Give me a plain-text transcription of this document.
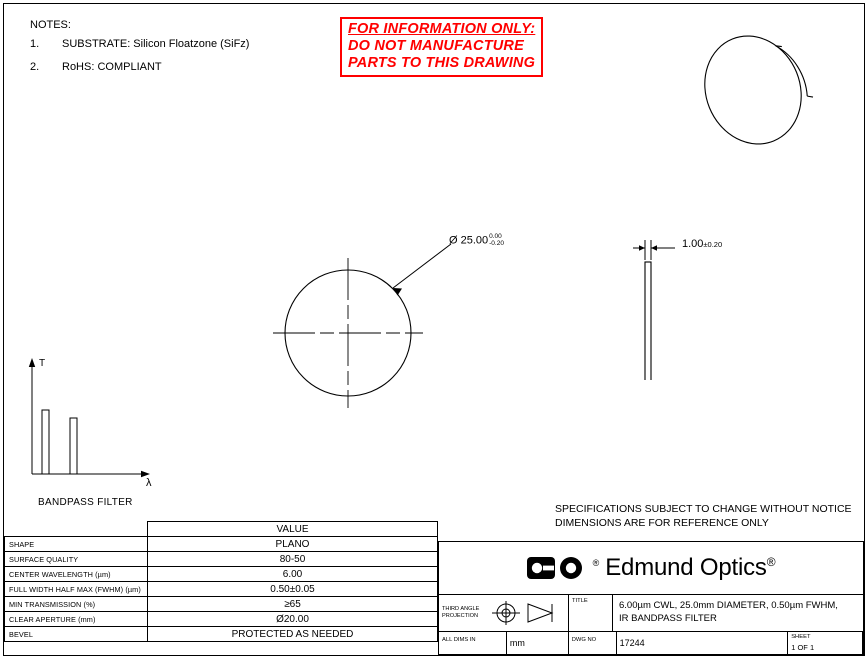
NOTES:
1.	SUBSTRATE: Silicon Floatzone (SiFz)
2.	RoHS: COMPLIANT
FOR INFORMATION ONLY:
DO NOT MANUFACTURE
PARTS TO THIS DRAWING
Ø 25.00 0.00
-0.20	1.00±0.20
T
λ
BANDPASS FILTER
SPECIFICATIONS SUBJECT TO CHANGE WITHOUT NOTICE
DIMENSIONS ARE FOR REFERENCE ONLY
	VALUE
SHAPE	PLANO
SURFACE QUALITY	80-50
CENTER WAVELENGTH (µm)	6.00
FULL WIDTH HALF MAX (FWHM) (µm)	0.50±0.05
MIN TRANSMISSION (%)	≥65
CLEAR APERTURE (mm)	Ø20.00
BEVEL	PROTECTED AS NEEDED
® Edmund Optics®
THIRD ANGLE
PROJECTION
TITLE	6.00µm CWL, 25.0mm DIAMETER, 0.50µm FWHM,
IR BANDPASS FILTER
ALL DIMS IN	mm	DWG NO	17244
SHEET
1 OF 1
